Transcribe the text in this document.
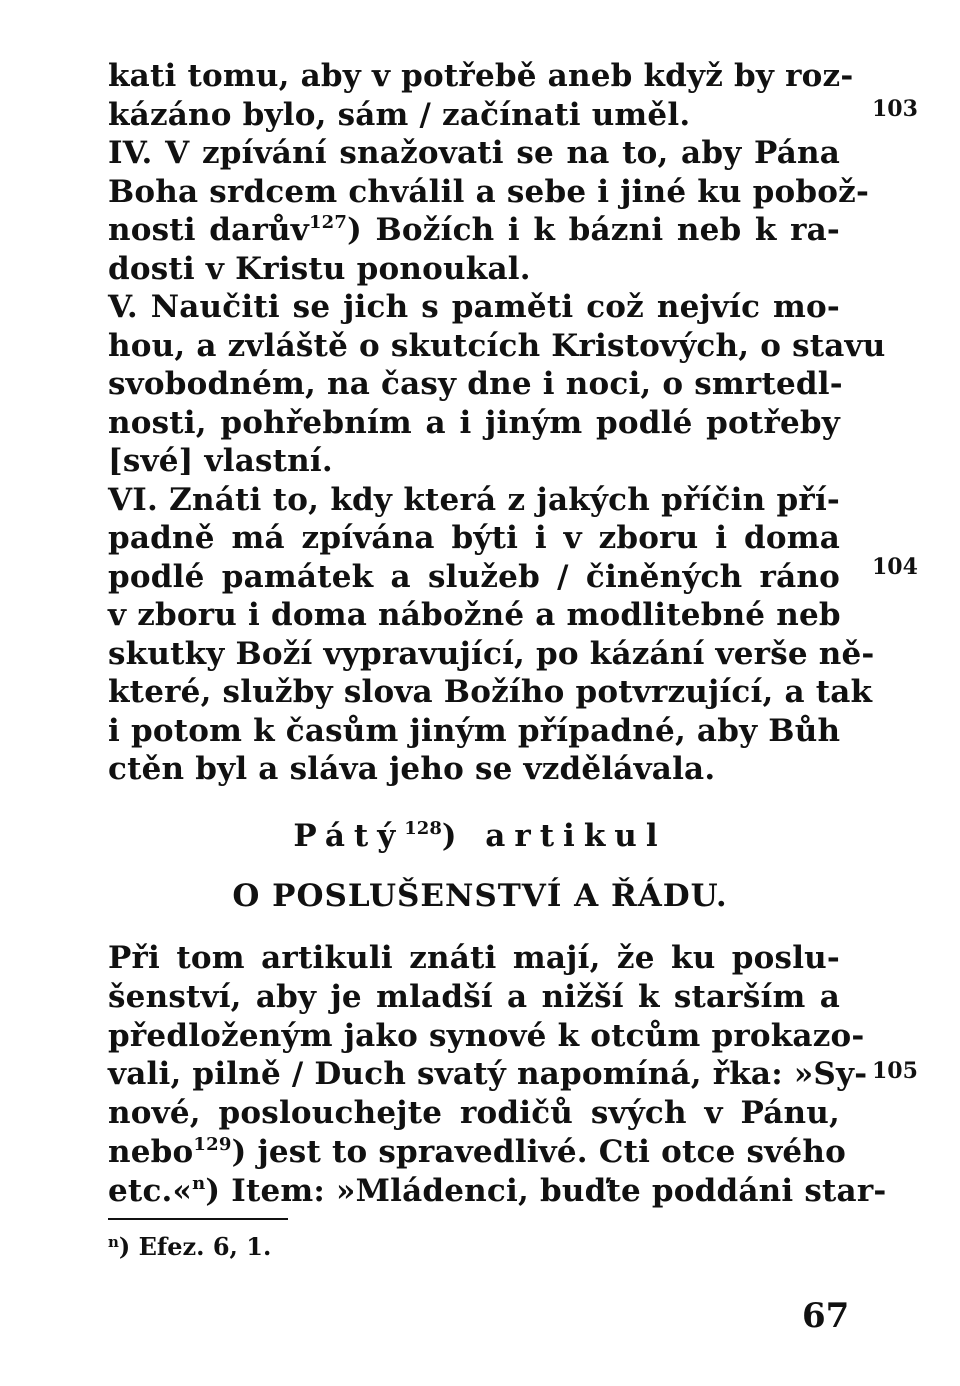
kati tomu, aby v potřebě aneb když by roz-
kázáno bylo, sám / začínati uměl.
IV. V zpívání snažovati se na to, aby Pána
Boha srdcem chválil a sebe i jiné ku pobož-
nosti darův$^{127}$) Božích i k bázni neb k ra-
dosti v Kristu ponoukal.
V. Naučiti se jich s paměti což nejvíc mo-
hou, a zvláště o skutcích Kristových, o stavu
svobodném, na časy dne i noci, o smrtedl-
nosti, pohřebním a i jiným podlé potřeby
[své] vlastní.
VI. Znáti to, kdy která z jakých příčin pří-
padně má zpívána býti i v zboru i doma
podlé památek a služeb / činěných ráno
v zboru i doma nábožné a modlitebné neb
skutky Boží vypravující, po kázání verše ně-
které, služby slova Božího potvrzující, a tak
i potom k časům jiným případné, aby Bůh
ctěn byl a sláva jeho se vzdělávala.
103
104
Pátý$^{128}$) artikul
O POSLUŠENSTVÍ A ŘÁDU.
Při tom artikuli znáti mají, že ku poslu-
šenství, aby je mladší a nižší k starším a
předloženým jako synové k otcům prokazo-
vali, pilně / Duch svatý napomíná, řka: »Sy-
nové, poslouchejte rodičů svých v Pánu,
nebo$^{129}$) jest to spravedlivé. Cti otce svého
etc.«$^n$) Item: »Mládenci, buďte poddáni star-
105
$^n$) Efez. 6, 1.
67
